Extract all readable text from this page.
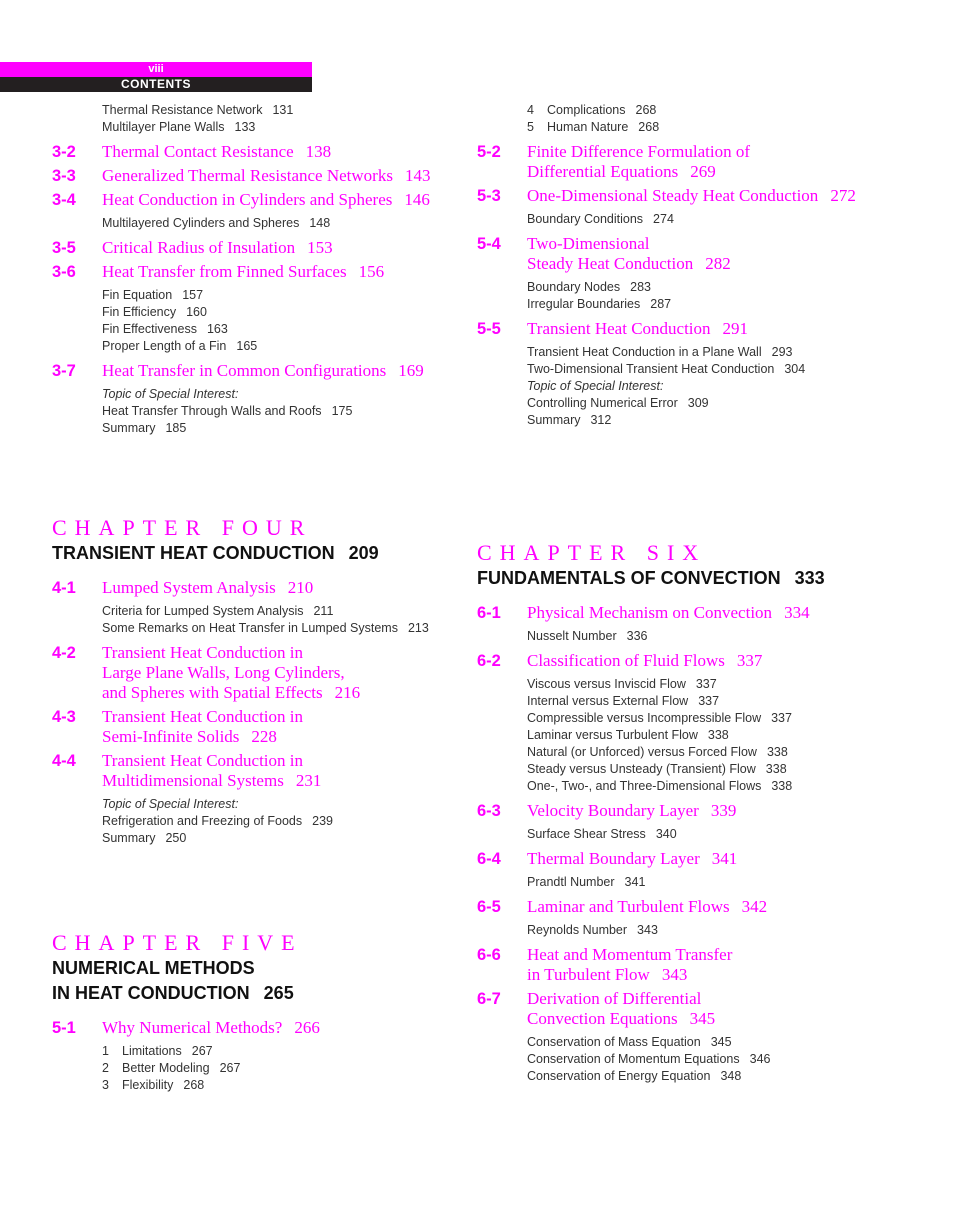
viii
CONTENTS
Thermal Resistance Network 131
Multilayer Plane Walls 133
3-2 Thermal Contact Resistance 138
3-3 Generalized Thermal Resistance Networks 143
3-4 Heat Conduction in Cylinders and Spheres 146
Multilayered Cylinders and Spheres 148
3-5 Critical Radius of Insulation 153
3-6 Heat Transfer from Finned Surfaces 156
Fin Equation 157
Fin Efficiency 160
Fin Effectiveness 163
Proper Length of a Fin 165
3-7 Heat Transfer in Common Configurations 169
Topic of Special Interest:
Heat Transfer Through Walls and Roofs 175
Summary 185
CHAPTER FOUR
TRANSIENT HEAT CONDUCTION 209
4-1 Lumped System Analysis 210
Criteria for Lumped System Analysis 211
Some Remarks on Heat Transfer in Lumped Systems 213
4-2 Transient Heat Conduction in
Large Plane Walls, Long Cylinders,
and Spheres with Spatial Effects 216
4-3 Transient Heat Conduction in
Semi-Infinite Solids 228
4-4 Transient Heat Conduction in
Multidimensional Systems 231
Topic of Special Interest:
Refrigeration and Freezing of Foods 239
Summary 250
CHAPTER FIVE
NUMERICAL METHODS
IN HEAT CONDUCTION 265
5-1 Why Numerical Methods? 266
1 Limitations 267
2 Better Modeling 267
3 Flexibility 268
4 Complications 268
5 Human Nature 268
5-2 Finite Difference Formulation of
Differential Equations 269
5-3 One-Dimensional Steady Heat Conduction 272
Boundary Conditions 274
5-4 Two-Dimensional
Steady Heat Conduction 282
Boundary Nodes 283
Irregular Boundaries 287
5-5 Transient Heat Conduction 291
Transient Heat Conduction in a Plane Wall 293
Two-Dimensional Transient Heat Conduction 304
Topic of Special Interest:
Controlling Numerical Error 309
Summary 312
CHAPTER SIX
FUNDAMENTALS OF CONVECTION 333
6-1 Physical Mechanism on Convection 334
Nusselt Number 336
6-2 Classification of Fluid Flows 337
Viscous versus Inviscid Flow 337
Internal versus External Flow 337
Compressible versus Incompressible Flow 337
Laminar versus Turbulent Flow 338
Natural (or Unforced) versus Forced Flow 338
Steady versus Unsteady (Transient) Flow 338
One-, Two-, and Three-Dimensional Flows 338
6-3 Velocity Boundary Layer 339
Surface Shear Stress 340
6-4 Thermal Boundary Layer 341
Prandtl Number 341
6-5 Laminar and Turbulent Flows 342
Reynolds Number 343
6-6 Heat and Momentum Transfer
in Turbulent Flow 343
6-7 Derivation of Differential
Convection Equations 345
Conservation of Mass Equation 345
Conservation of Momentum Equations 346
Conservation of Energy Equation 348
